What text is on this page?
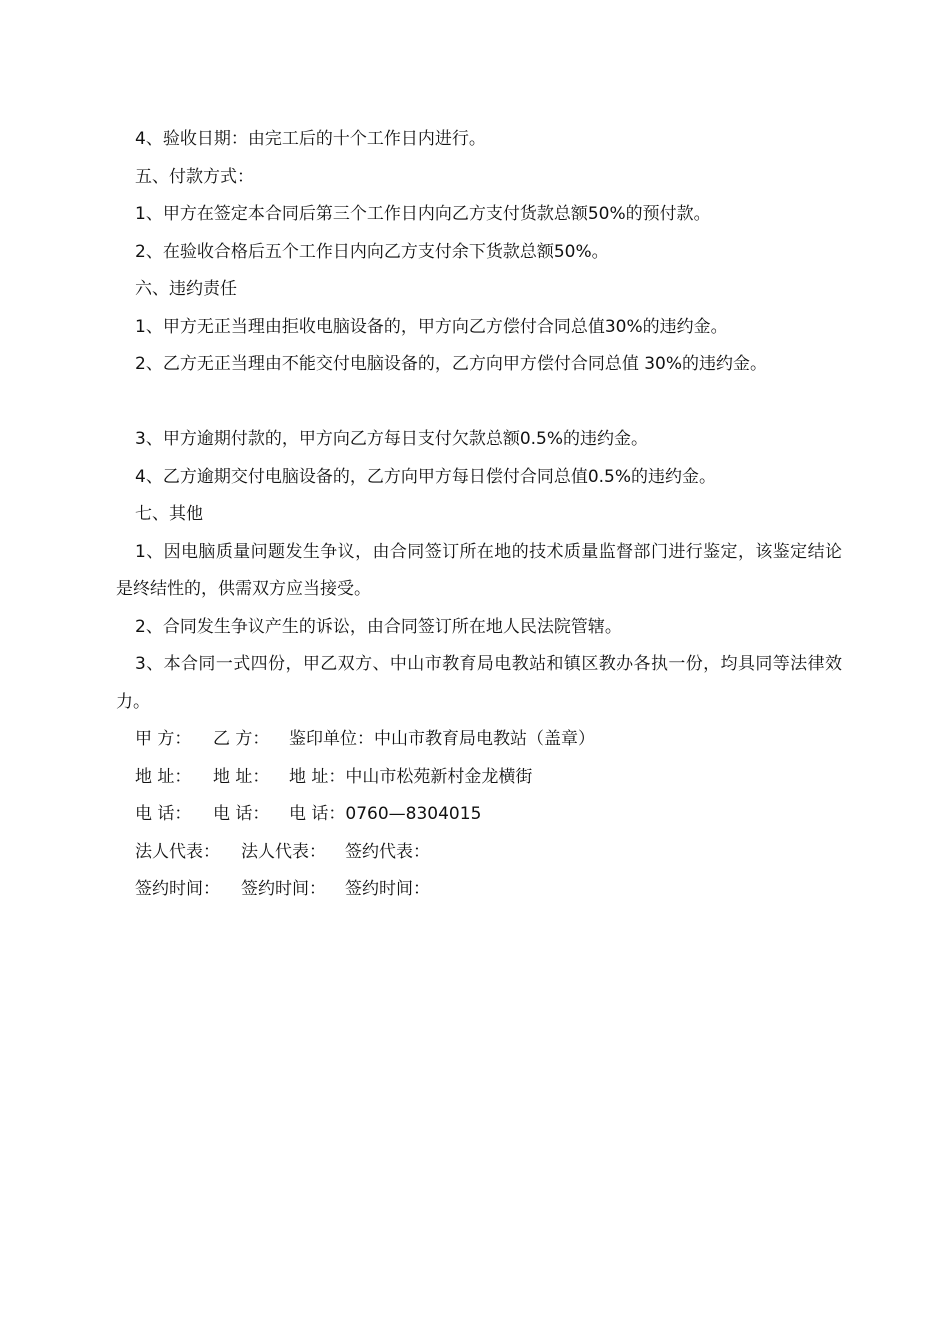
4、验收日期：由完工后的十个工作日内进行。

五、付款方式：

1、甲方在签定本合同后第三个工作日内向乙方支付货款总额50%的预付款。

2、在验收合格后五个工作日内向乙方支付余下货款总额50%。

六、违约责任

1、甲方无正当理由拒收电脑设备的，甲方向乙方偿付合同总值30%的违约金。

2、乙方无正当理由不能交付电脑设备的，乙方向甲方偿付合同总值 30%的违约金。

3、甲方逾期付款的，甲方向乙方每日支付欠款总额0.5%的违约金。

4、乙方逾期交付电脑设备的，乙方向甲方每日偿付合同总值0.5%的违约金。

七、其他

1、因电脑质量问题发生争议，由合同签订所在地的技术质量监督部门进行鉴定，该鉴定结论是终结性的，供需双方应当接受。

2、合同发生争议产生的诉讼，由合同签订所在地人民法院管辖。

3、本合同一式四份，甲乙双方、中山市教育局电教站和镇区教办各执一份，均具同等法律效力。

甲 方： 乙 方： 鉴印单位：中山市教育局电教站（盖章）

地 址： 地 址： 地 址：中山市松苑新村金龙横街

电 话： 电 话： 电 话：0760—8304015

法人代表： 法人代表： 签约代表：

签约时间： 签约时间： 签约时间：
